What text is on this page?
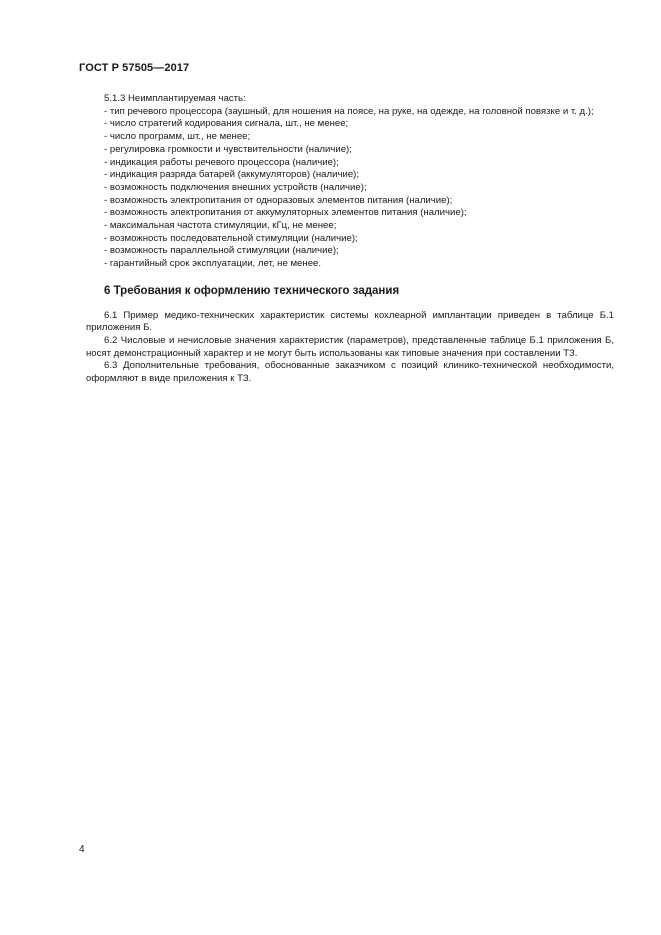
ГОСТ Р 57505—2017

5.1.3 Неимплантируемая часть:

- тип речевого процессора (заушный, для ношения на поясе, на руке, на одежде, на головной повязке и т. д.);

- число стратегий кодирования сигнала, шт., не менее;

- число программ, шт., не менее;

- регулировка громкости и чувствительности (наличие);

- индикация работы речевого процессора (наличие);

- индикация разряда батарей (аккумуляторов) (наличие);

- возможность подключения внешних устройств (наличие);

- возможность электропитания от одноразовых элементов питания (наличие);

- возможность электропитания от аккумуляторных элементов питания (наличие);

- максимальная частота стимуляции, кГц, не менее;

- возможность последовательной стимуляции (наличие);

- возможность параллельной стимуляции (наличие);

- гарантийный срок эксплуатации, лет, не менее.

6 Требования к оформлению технического задания

6.1 Пример медико-технических характеристик системы кохлеарной имплантации приведен в таблице Б.1 приложения Б.

6.2 Числовые и нечисловые значения характеристик (параметров), представленные таблице Б.1 приложения Б, носят демонстрационный характер и не могут быть использованы как типовые значения при составлении ТЗ.

6.3 Дополнительные требования, обоснованные заказчиком с позиций клинико-технической необходимости, оформляют в виде приложения к ТЗ.

4
